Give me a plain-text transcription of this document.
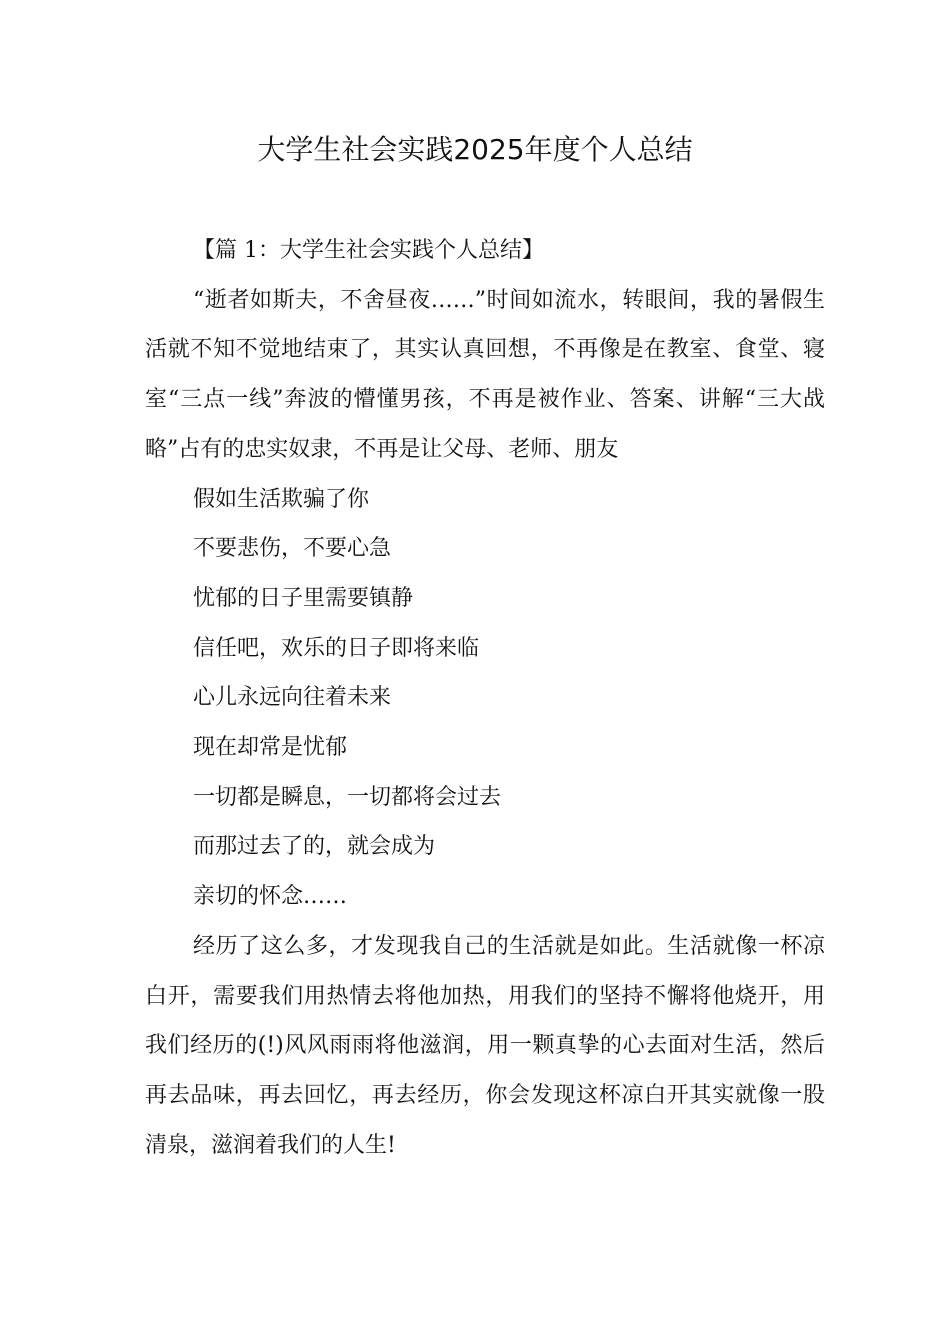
大学生社会实践2025年度个人总结

【篇 1：大学生社会实践个人总结】

“逝者如斯夫，不舍昼夜……”时间如流水，转眼间，我的暑假生活就不知不觉地结束了，其实认真回想，不再像是在教室、食堂、寝室“三点一线”奔波的懵懂男孩，不再是被作业、答案、讲解“三大战略”占有的忠实奴隶，不再是让父母、老师、朋友

假如生活欺骗了你

不要悲伤，不要心急

忧郁的日子里需要镇静

信任吧，欢乐的日子即将来临

心儿永远向往着未来

现在却常是忧郁

一切都是瞬息，一切都将会过去

而那过去了的，就会成为

亲切的怀念……

经历了这么多，才发现我自己的生活就是如此。生活就像一杯凉白开，需要我们用热情去将他加热，用我们的坚持不懈将他烧开，用我们经历的(!)风风雨雨将他滋润，用一颗真挚的心去面对生活，然后再去品味，再去回忆，再去经历，你会发现这杯凉白开其实就像一股清泉，滋润着我们的人生!
